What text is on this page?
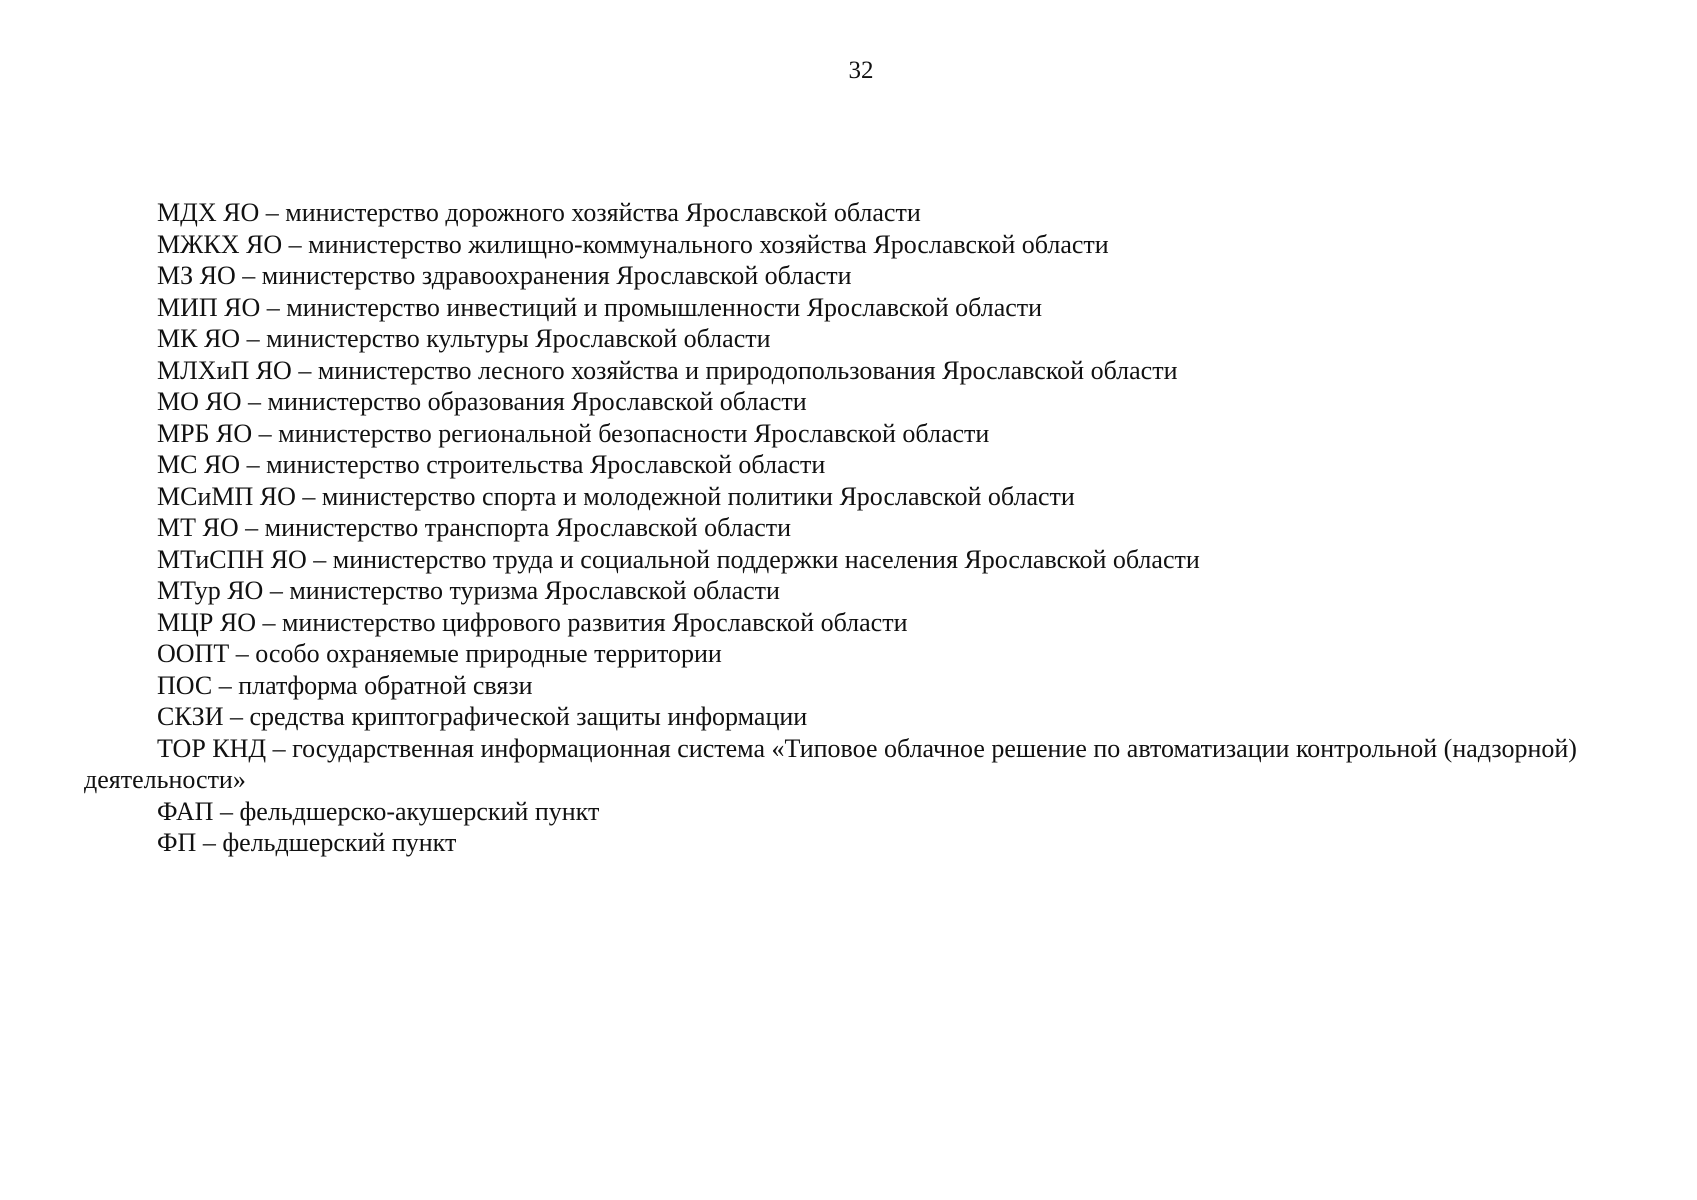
32
МДХ ЯО – министерство дорожного хозяйства Ярославской области
МЖКХ ЯО – министерство жилищно-коммунального хозяйства Ярославской области
МЗ ЯО – министерство здравоохранения Ярославской области
МИП ЯО – министерство инвестиций и промышленности Ярославской области
МК ЯО – министерство культуры Ярославской области
МЛХиП ЯО – министерство лесного хозяйства и природопользования Ярославской области
МО ЯО – министерство образования Ярославской области
МРБ ЯО – министерство региональной безопасности Ярославской области
МС ЯО – министерство строительства Ярославской области
МСиМП ЯО – министерство спорта и молодежной политики Ярославской области
МТ ЯО – министерство транспорта Ярославской области
МТиСПН ЯО – министерство труда и социальной поддержки населения Ярославской области
МТур ЯО – министерство туризма Ярославской области
МЦР ЯО – министерство цифрового развития Ярославской области
ООПТ – особо охраняемые природные территории
ПОС – платформа обратной связи
СКЗИ – средства криптографической защиты информации
ТОР КНД – государственная информационная система «Типовое облачное решение по автоматизации контрольной (надзорной) деятельности»
ФАП – фельдшерско-акушерский пункт
ФП – фельдшерский пункт
